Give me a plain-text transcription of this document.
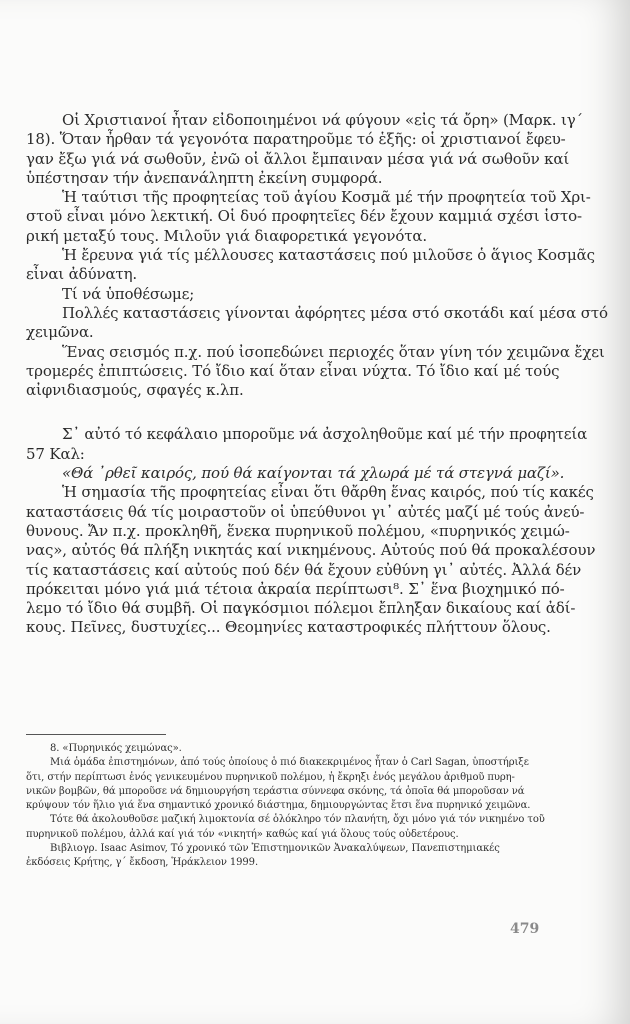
Οἱ Χριστιανοί ἦταν εἰδοποιημένοι νά φύγουν «εἰς τά ὄρη» (Μαρκ. ιγ´
18). Ὅταν ἦρθαν τά γεγονότα παρατηροῦμε τό ἑξῆς: οἱ χριστιανοί ἔφευ-
γαν ἔξω γιά νά σωθοῦν, ἐνῶ οἱ ἄλλοι ἔμπαιναν μέσα γιά νά σωθοῦν καί
ὑπέστησαν τήν ἀνεπανάληπτη ἐκείνη συμφορά.
Ἡ ταύτισι τῆς προφητείας τοῦ ἁγίου Κοσμᾶ μέ τήν προφητεία τοῦ Χρι-
στοῦ εἶναι μόνο λεκτική. Οἱ δυό προφητεῖες δέν ἔχουν καμμιά σχέσι ἱστο-
ρική μεταξύ τους. Μιλοῦν γιά διαφορετικά γεγονότα.
Ἡ ἔρευνα γιά τίς μέλλουσες καταστάσεις πού μιλοῦσε ὁ ἅγιος Κοσμᾶς
εἶναι ἀδύνατη.
Τί νά ὑποθέσωμε;
Πολλές καταστάσεις γίνονται ἀφόρητες μέσα στό σκοτάδι καί μέσα στό
χειμῶνα.
Ἕνας σεισμός π.χ. πού ἰσοπεδώνει περιοχές ὅταν γίνη τόν χειμῶνα ἔχει
τρομερές ἐπιπτώσεις. Τό ἴδιο καί ὅταν εἶναι νύχτα. Τό ἴδιο καί μέ τούς
αἰφνιδιασμούς, σφαγές κ.λπ.
Σ᾽ αὐτό τό κεφάλαιο μποροῦμε νά ἀσχοληθοῦμε καί μέ τήν προφητεία
57 Καλ:
«Θά ᾽ρθεῖ καιρός, πού θά καίγονται τά χλωρά μέ τά στεγνά μαζί».
Ἡ σημασία τῆς προφητείας εἶναι ὅτι θἄρθη ἕνας καιρός, πού τίς κακές
καταστάσεις θά τίς μοιραστοῦν οἱ ὑπεύθυνοι γι᾽ αὐτές μαζί μέ τούς ἀνεύ-
θυνους. Ἄν π.χ. προκληθῆ, ἕνεκα πυρηνικοῦ πολέμου, «πυρηνικός χειμώ-
νας», αὐτός θά πλήξη νικητάς καί νικημένους. Αὐτούς πού θά προκαλέσουν
τίς καταστάσεις καί αὐτούς πού δέν θά ἔχουν εὐθύνη γι᾽ αὐτές. Ἀλλά δέν
πρόκειται μόνο γιά μιά τέτοια ἀκραία περίπτωσι⁸. Σ᾽ ἕνα βιοχημικό πό-
λεμο τό ἴδιο θά συμβῆ. Οἱ παγκόσμιοι πόλεμοι ἔπληξαν δικαίους καί ἀδί-
κους. Πεῖνες, δυστυχίες... Θεομηνίες καταστροφικές πλήττουν ὅλους.
8. «Πυρηνικός χειμώνας».
Μιά ὁμάδα ἐπιστημόνων, ἀπό τούς ὁποίους ὁ πιό διακεκριμένος ἦταν ὁ Carl Sagan, ὑποστήριξε
ὅτι, στήν περίπτωσι ἑνός γενικευμένου πυρηνικοῦ πολέμου, ἡ ἔκρηξι ἑνός μεγάλου ἀριθμοῦ πυρη-
νικῶν βομβῶν, θά μποροῦσε νά δημιουργήση τεράστια σύννεφα σκόνης, τά ὁποῖα θά μποροῦσαν νά
κρύψουν τόν ἥλιο γιά ἕνα σημαντικό χρονικό διάστημα, δημιουργώντας ἔτσι ἕνα πυρηνικό χειμῶνα.
Τότε θά ἀκολουθοῦσε μαζική λιμοκτονία σέ ὁλόκληρο τόν πλανήτη, ὄχι μόνο γιά τόν νικημένο τοῦ
πυρηνικοῦ πολέμου, ἀλλά καί γιά τόν «νικητή» καθώς καί γιά ὅλους τούς οὐδετέρους.
Βιβλιογρ. Isaac Asimov, Τό χρονικό τῶν Ἐπιστημονικῶν Ἀνακαλύψεων, Πανεπιστημιακές
ἐκδόσεις Κρήτης, γ´ ἔκδοση, Ἡράκλειον 1999.
479
